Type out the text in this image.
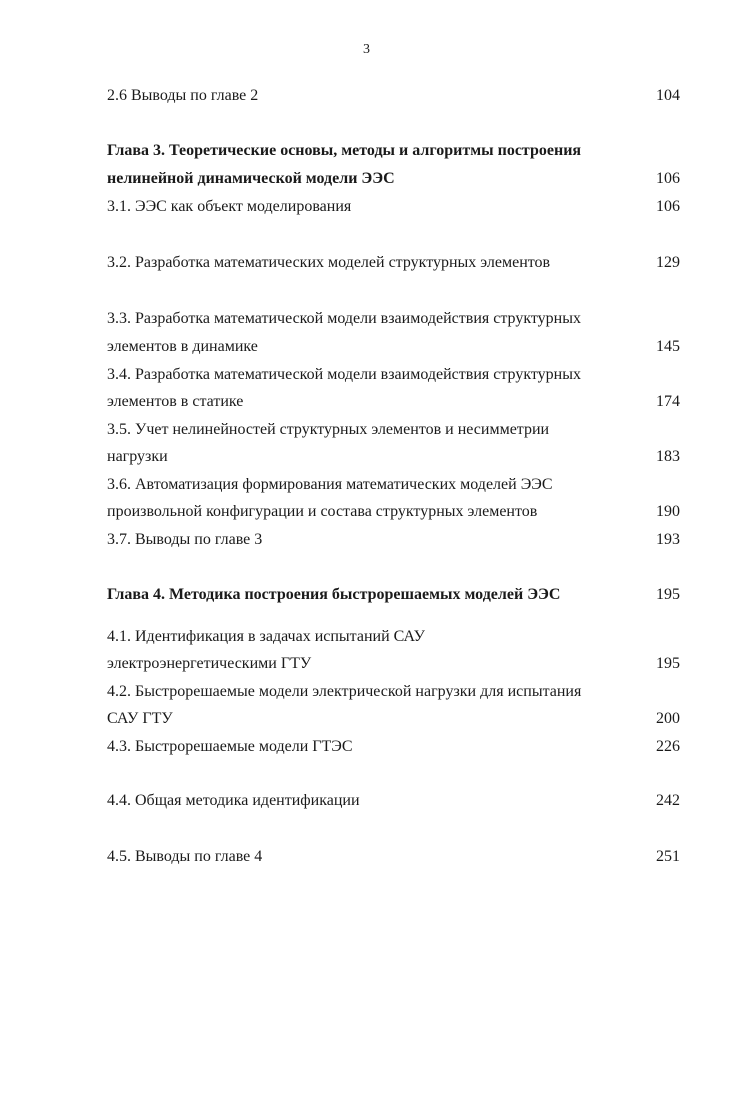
3
2.6 Выводы по главе 2	104
Глава 3. Теоретические основы, методы и алгоритмы построения
нелинейной динамической модели ЭЭС	106
3.1. ЭЭС как объект моделирования	106
3.2. Разработка математических моделей структурных элементов	129
3.3. Разработка математической модели взаимодействия структурных
элементов в динамике	145
3.4. Разработка математической модели взаимодействия структурных
элементов в статике	174
3.5. Учет нелинейностей структурных элементов и несимметрии
нагрузки	183
3.6. Автоматизация формирования математических моделей ЭЭС
произвольной конфигурации и состава структурных элементов	190
3.7. Выводы по главе 3	193
Глава 4. Методика построения быстрорешаемых моделей ЭЭС	195
4.1. Идентификация в задачах испытаний САУ
электроэнергетическими ГТУ	195
4.2. Быстрорешаемые модели электрической нагрузки для испытания
САУ ГТУ	200
4.3. Быстрорешаемые модели ГТЭС	226
4.4. Общая методика идентификации	242
4.5. Выводы по главе 4	251
